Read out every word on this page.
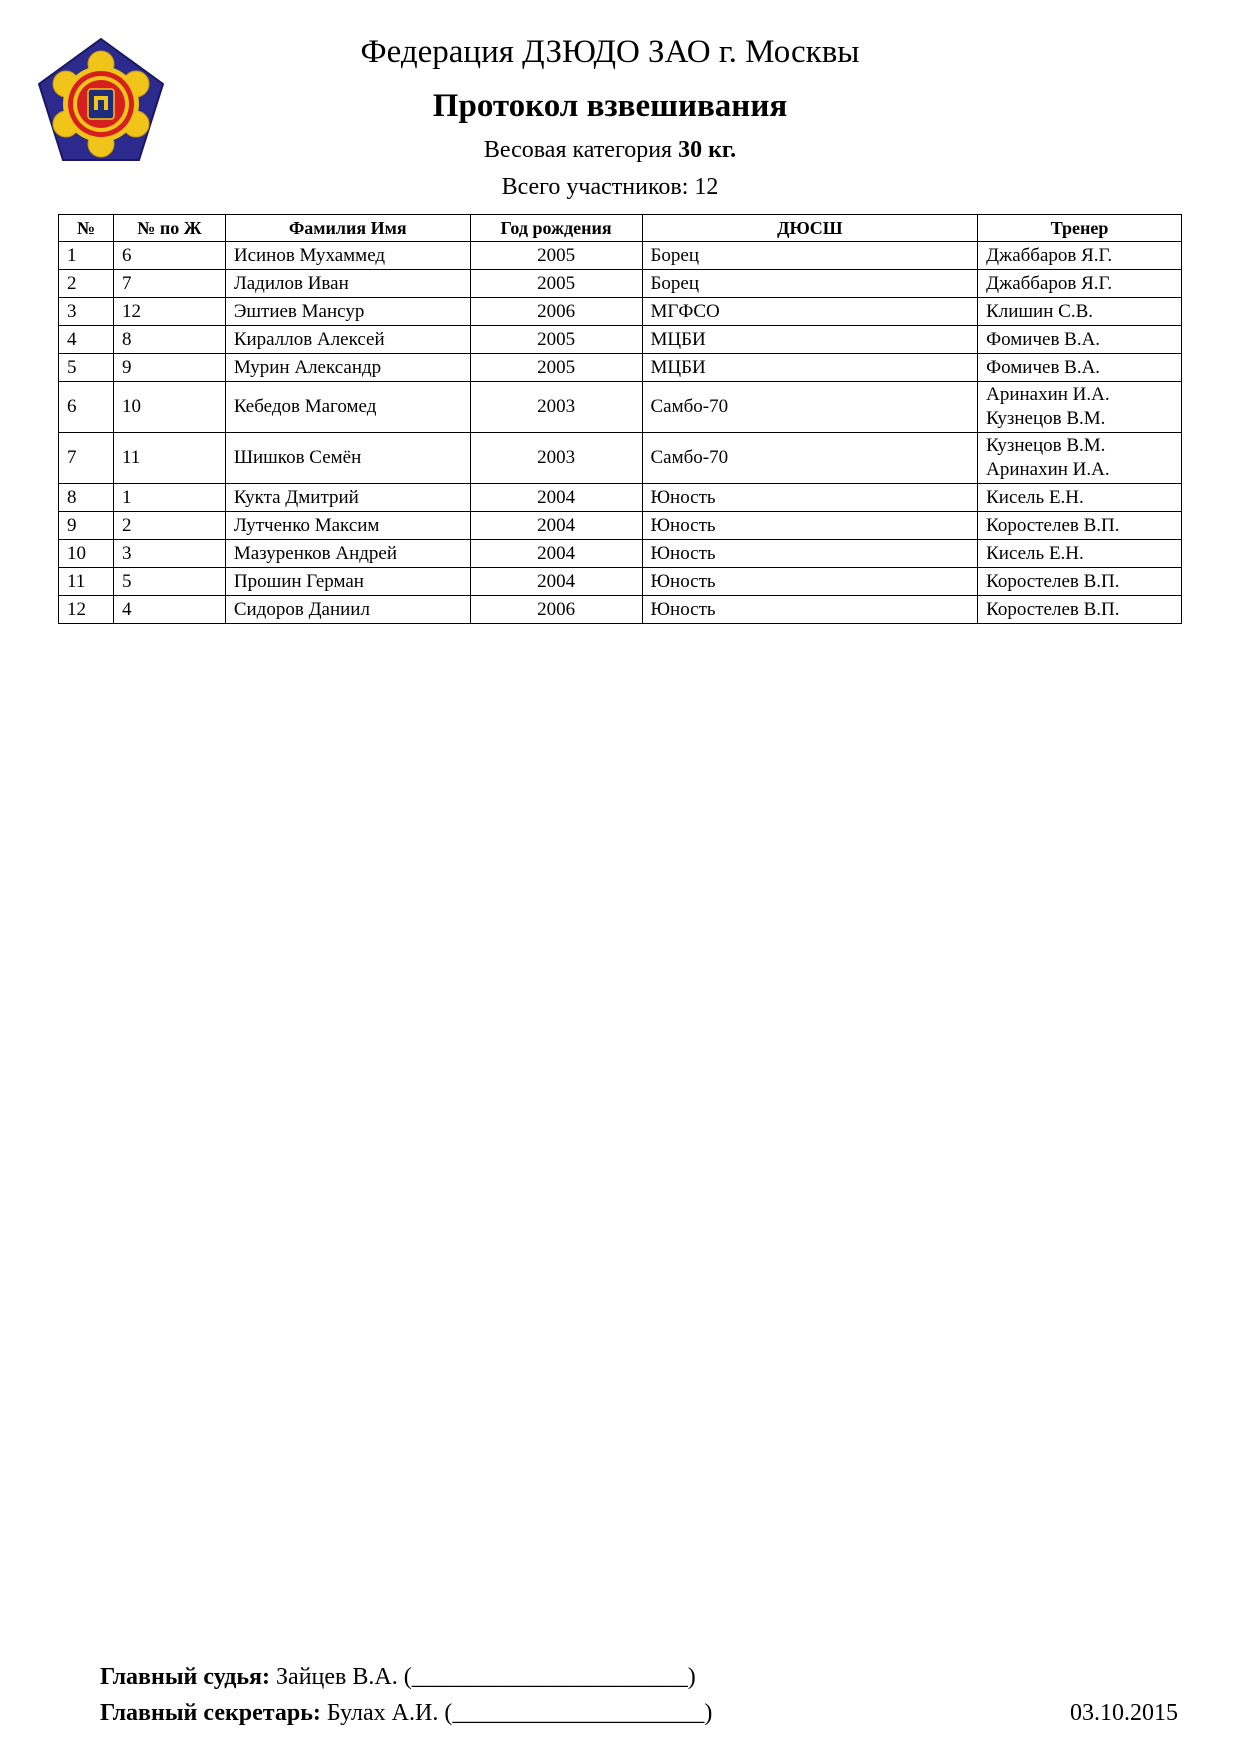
Федерация ДЗЮДО ЗАО г. Москвы
Протокол взвешивания
Весовая категория 30 кг.
Всего участников: 12
№	№ по Ж	Фамилия Имя	Год рождения	ДЮСШ	Тренер
1	6	Исинов Мухаммед	2005	Борец	Джаббаров Я.Г.

2	7	Ладилов Иван	2005	Борец	Джаббаров Я.Г.

3	12	Эштиев Мансур	2006	МГФСО	Клишин С.В.

4	8	Кираллов Алексей	2005	МЦБИ	Фомичев В.А.

5	9	Мурин Александр	2005	МЦБИ	Фомичев В.А.

6	10	Кебедов Магомед	2003	Самбо-70	Аринахин И.А.
Кузнецов В.М.

7	11	Шишков Семён	2003	Самбо-70	Кузнецов В.М.
Аринахин И.А.

8	1	Кукта Дмитрий	2004	Юность	Кисель Е.Н.

9	2	Лутченко Максим	2004	Юность	Коростелев В.П.

10	3	Мазуренков Андрей	2004	Юность	Кисель Е.Н.

11	5	Прошин Герман	2004	Юность	Коростелев В.П.

12	4	Сидоров Даниил	2006	Юность	Коростелев В.П.
Главный судья: Зайцев В.А. (_______________________)
Главный секретарь: Булах А.И. (_____________________)	03.10.2015
